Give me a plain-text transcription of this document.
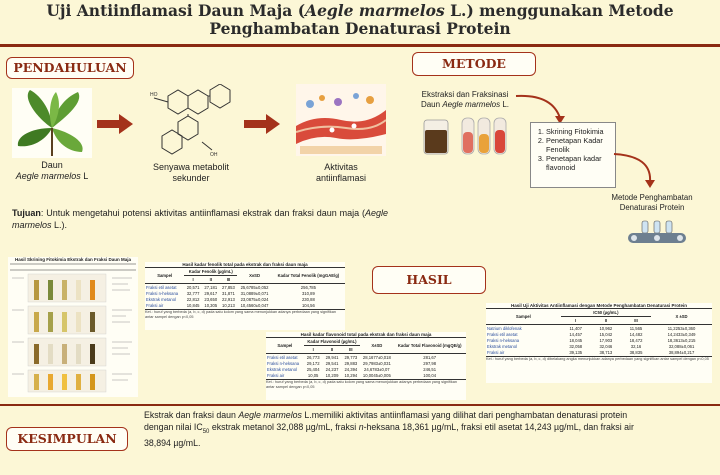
Uji Antiinflamasi Daun Maja (Aegle marmelos L.) menggunakan Metode
Penghambatan Denaturasi Protein
PENDAHULUAN
Daun
Aegle marmelos L
HO
OH
Senyawa metabolit
sekunder
Aktivitas
antiinflamasi
Tujuan: Untuk mengetahui potensi aktivitas antiinflamasi ekstrak dan fraksi daun maja (Aegle marmelos L.).
METODE
Ekstraksi dan Fraksinasi
Daun Aegle marmelos L.
1. Skrining Fitokimia
2. Penetapan Kadar Fenolik
3. Penetapan kadar flavonoid
Metode Penghambatan
Denaturasi Protein
HASIL
Hasil Skrining Fitokimia Ekstrak dan Fraksi Daun Maja
Hasil kadar fenolik total pada ekstrak dan fraksi daun maja
Sampel	Kadar Fenolik (µg/mL)			X±SD	Kadar Total Fenolik (mgGAE/g)
	I	II	III		
Fraksi etil asetat	20,571	27,181	27,853	25,6785±0,052	256,785
Fraksi n-heksana	32,777	29,617	31,871	31,0889±0,071	310,89
Ekstrak metanol	22,812	23,650	22,913	23,0875±0,024	230,88
Fraksi air	10,845	10,305	10,213	10,4560±0,047	104,56
Ket.: huruf yang berbeda (a, b, c, d) pada satu kolom yang sama menunjukkan adanya perbedaan yang signifikan antar sampel dengan p<0,05
Hasil kadar flavonoid total pada ekstrak dan fraksi daun maja
Sampel	Kadar Flavonoid (µg/mL)			X±SD	Kadar Total Flavonoid (mgQE/g)
	I	II	III		
Fraksi etil asetat	26,773	29,941	29,773	28,1677±0,018	281,67
Fraksi n-heksana	29,172	29,541	29,883	29,7983±0,031	297,98
Ekstrak metanol	25,404	24,237	24,394	24,6783±0,07	246,51
Fraksi air	10,05	10,209	10,294	10,0045±0,005	100,04
Ket.: huruf yang berbeda (a, b, c, d) pada satu kolom yang sama menunjukkan adanya perbedaan yang signifikan antar sampel dengan p<0,05
Hasil Uji Aktivitas Antiinflamasi dengan Metode Penghambatan Denaturasi Protein
Sampel	IC50 (µg/mL)			X ±SD
	I	II	III	
Natrium diklofenak	11,407	10,962	11,565	11,2253±0,360
Fraksi etil asetat	14,457	15,042	14,482	14,2433±0,349
Fraksi n-heksana	18,045	17,903	18,472	18,3613±0,215
Ekstrak metanol	32,058	32,046	32,16	32,088±0,061
Fraksi air	39,135	38,713	38,835	38,894±0,217
Ket.: huruf yang berbeda (a, b, c, d) dibelakang angka menunjukkan adanya perbedaan yang signifikan antar sampel dengan p<0,05
KESIMPULAN
Ekstrak dan fraksi daun Aegle marmelos L.memiliki aktivitas antiinflamasi yang dilihat dari penghambatan denaturasi protein
dengan nilai $IC_{50}$ ekstrak metanol 32,088 µg/mL, fraksi n-heksana 18,361 µg/mL, fraksi etil asetat 14,243 µg/mL, dan fraksi air
38,894 µg/mL.
